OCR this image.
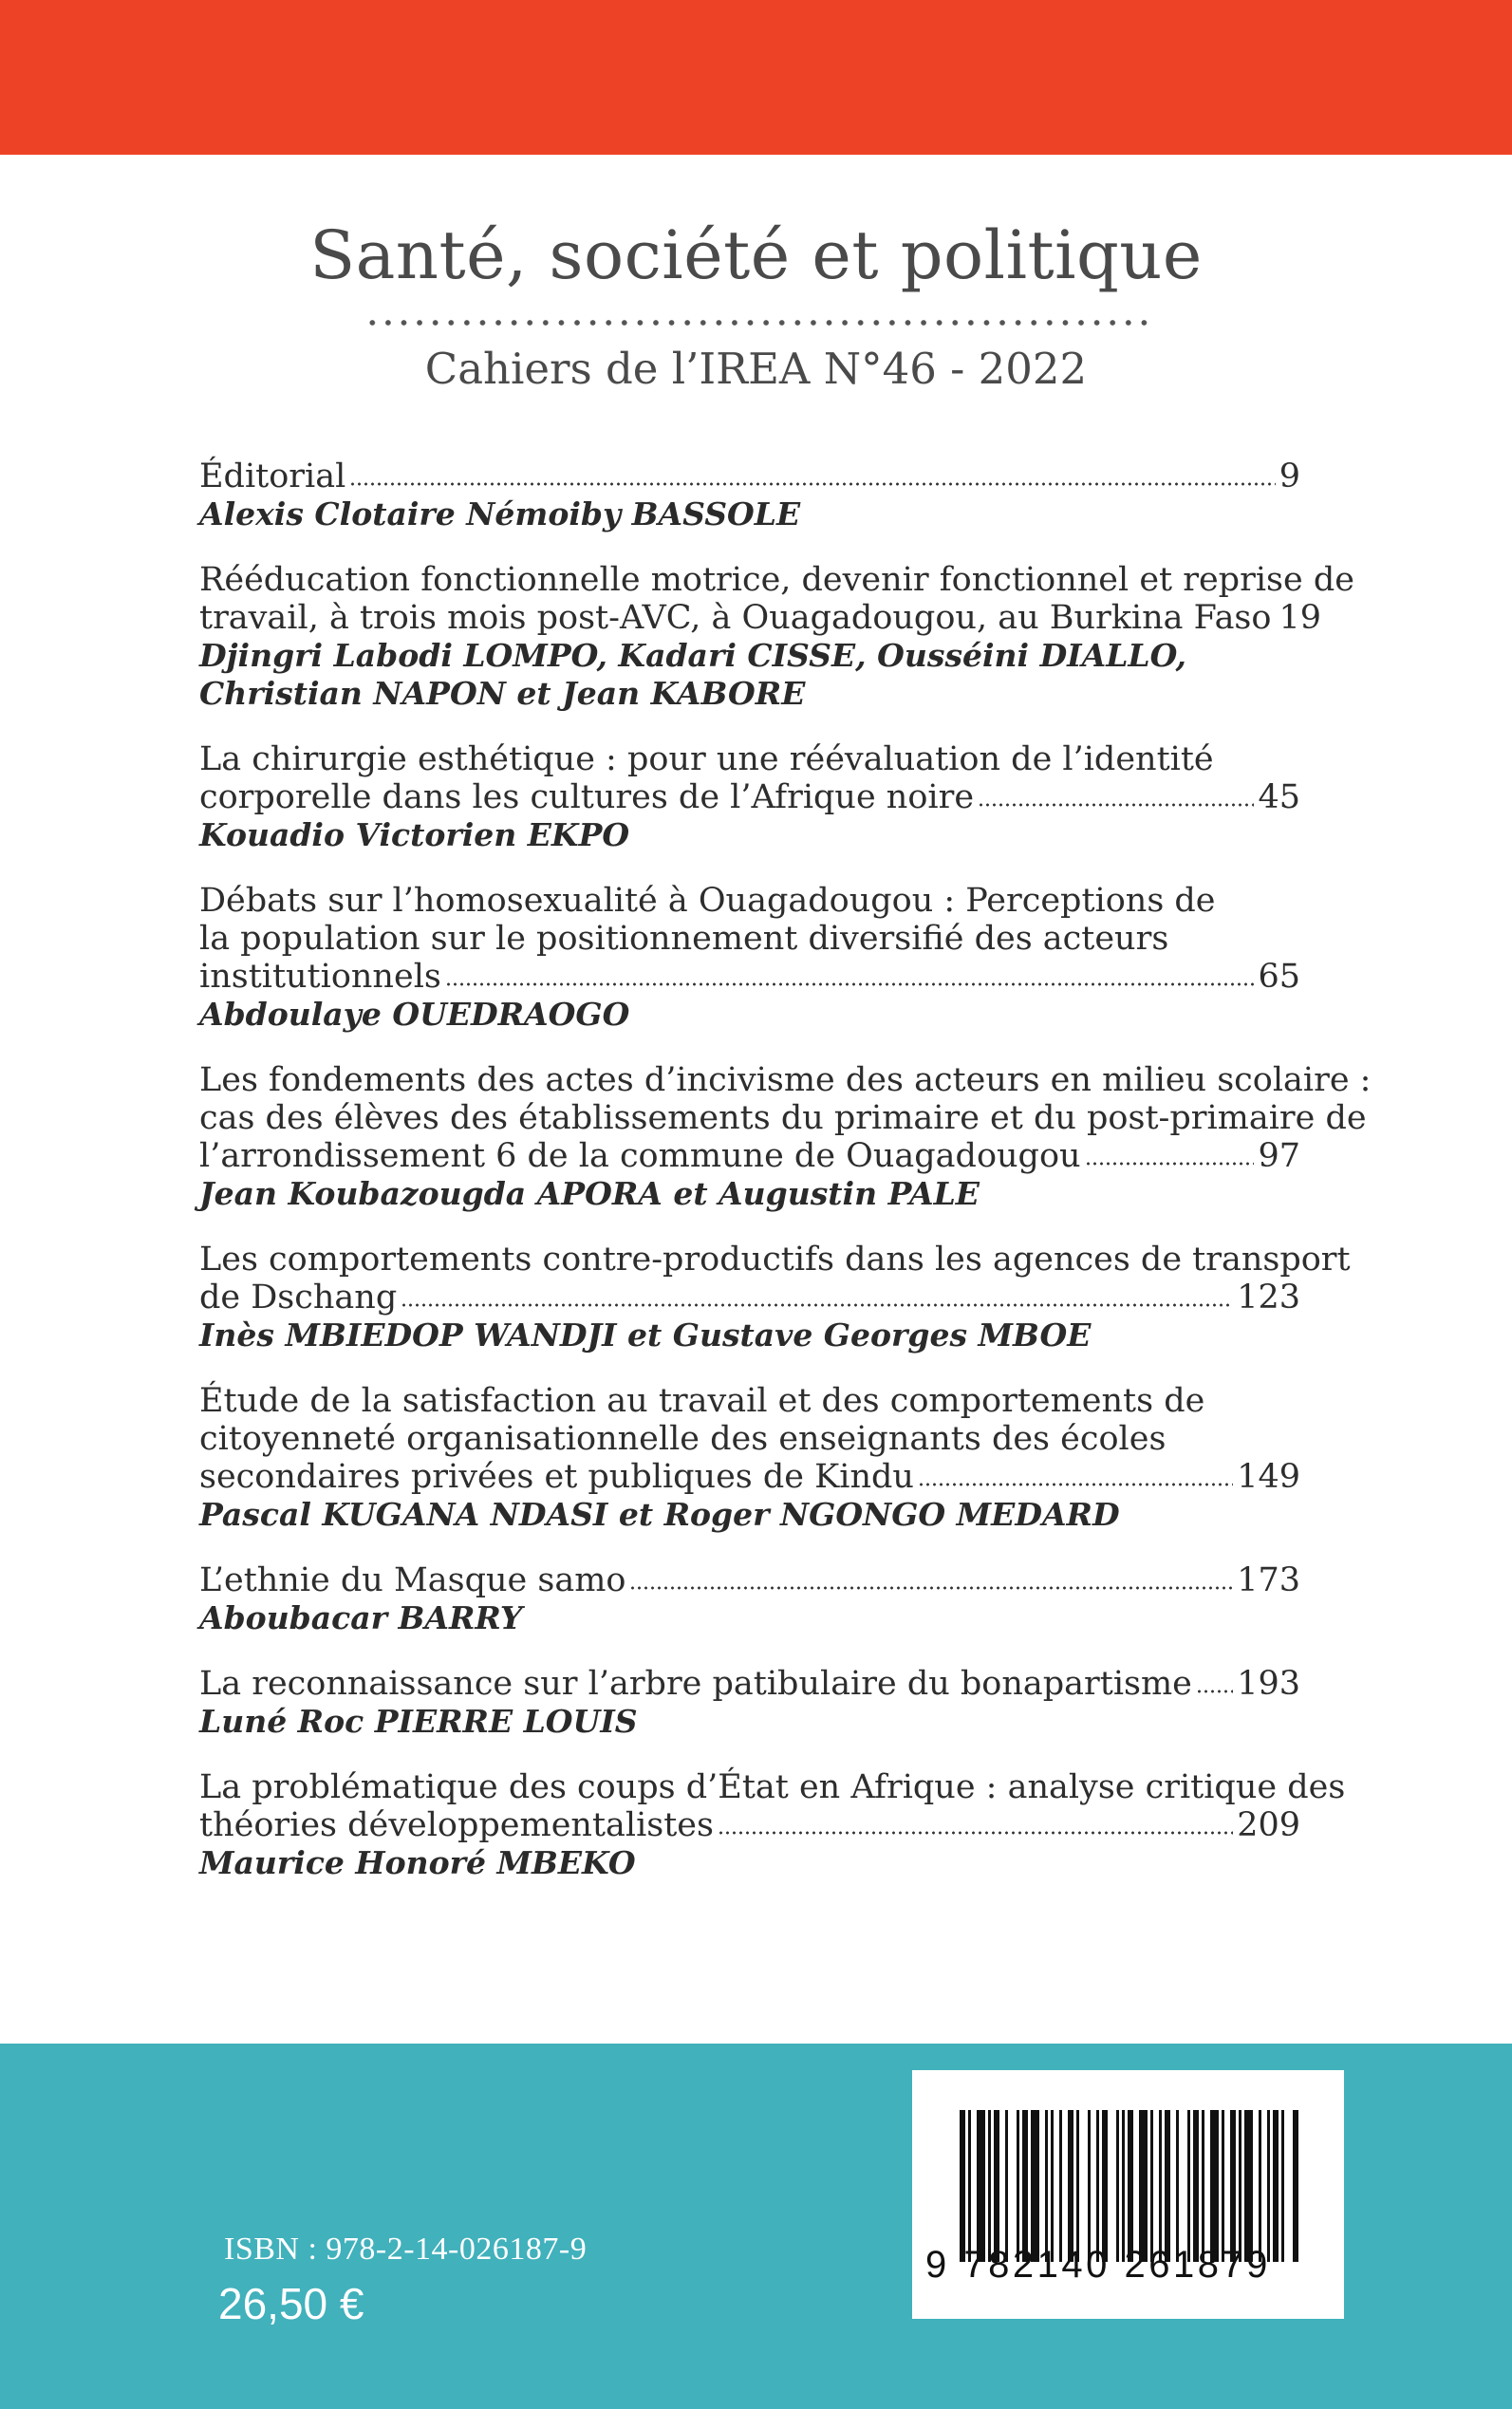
Santé, société et politique
Cahiers de l’IREA N°46 - 2022
Éditorial	9
Alexis Clotaire Némoiby BASSOLE
Rééducation fonctionnelle motrice, devenir fonctionnel et reprise de
travail, à trois mois post-AVC, à Ouagadougou, au Burkina Faso 19
Djingri Labodi LOMPO, Kadari CISSE, Ousséini DIALLO,
Christian NAPON et Jean KABORE
La chirurgie esthétique : pour une réévaluation de l’identité
corporelle dans les cultures de l’Afrique noire	45
Kouadio Victorien EKPO
Débats sur l’homosexualité à Ouagadougou : Perceptions de
la population sur le positionnement diversifié des acteurs
institutionnels	65
Abdoulaye OUEDRAOGO
Les fondements des actes d’incivisme des acteurs en milieu scolaire :
cas des élèves des établissements du primaire et du post-primaire de
l’arrondissement 6 de la commune de Ouagadougou	97
Jean Koubazougda APORA et Augustin PALE
Les comportements contre-productifs dans les agences de transport
de Dschang	123
Inès MBIEDOP WANDJI et Gustave Georges MBOE
Étude de la satisfaction au travail et des comportements de
citoyenneté organisationnelle des enseignants des écoles
secondaires privées et publiques de Kindu	149
Pascal KUGANA NDASI et Roger NGONGO MEDARD
L’ethnie du Masque samo	173
Aboubacar BARRY
La reconnaissance sur l’arbre patibulaire du bonapartisme 193
Luné Roc PIERRE LOUIS
La problématique des coups d’État en Afrique : analyse critique des
théories développementalistes	209
Maurice Honoré MBEKO
9 782140 261879
ISBN : 978-2-14-026187-9
26,50 €
